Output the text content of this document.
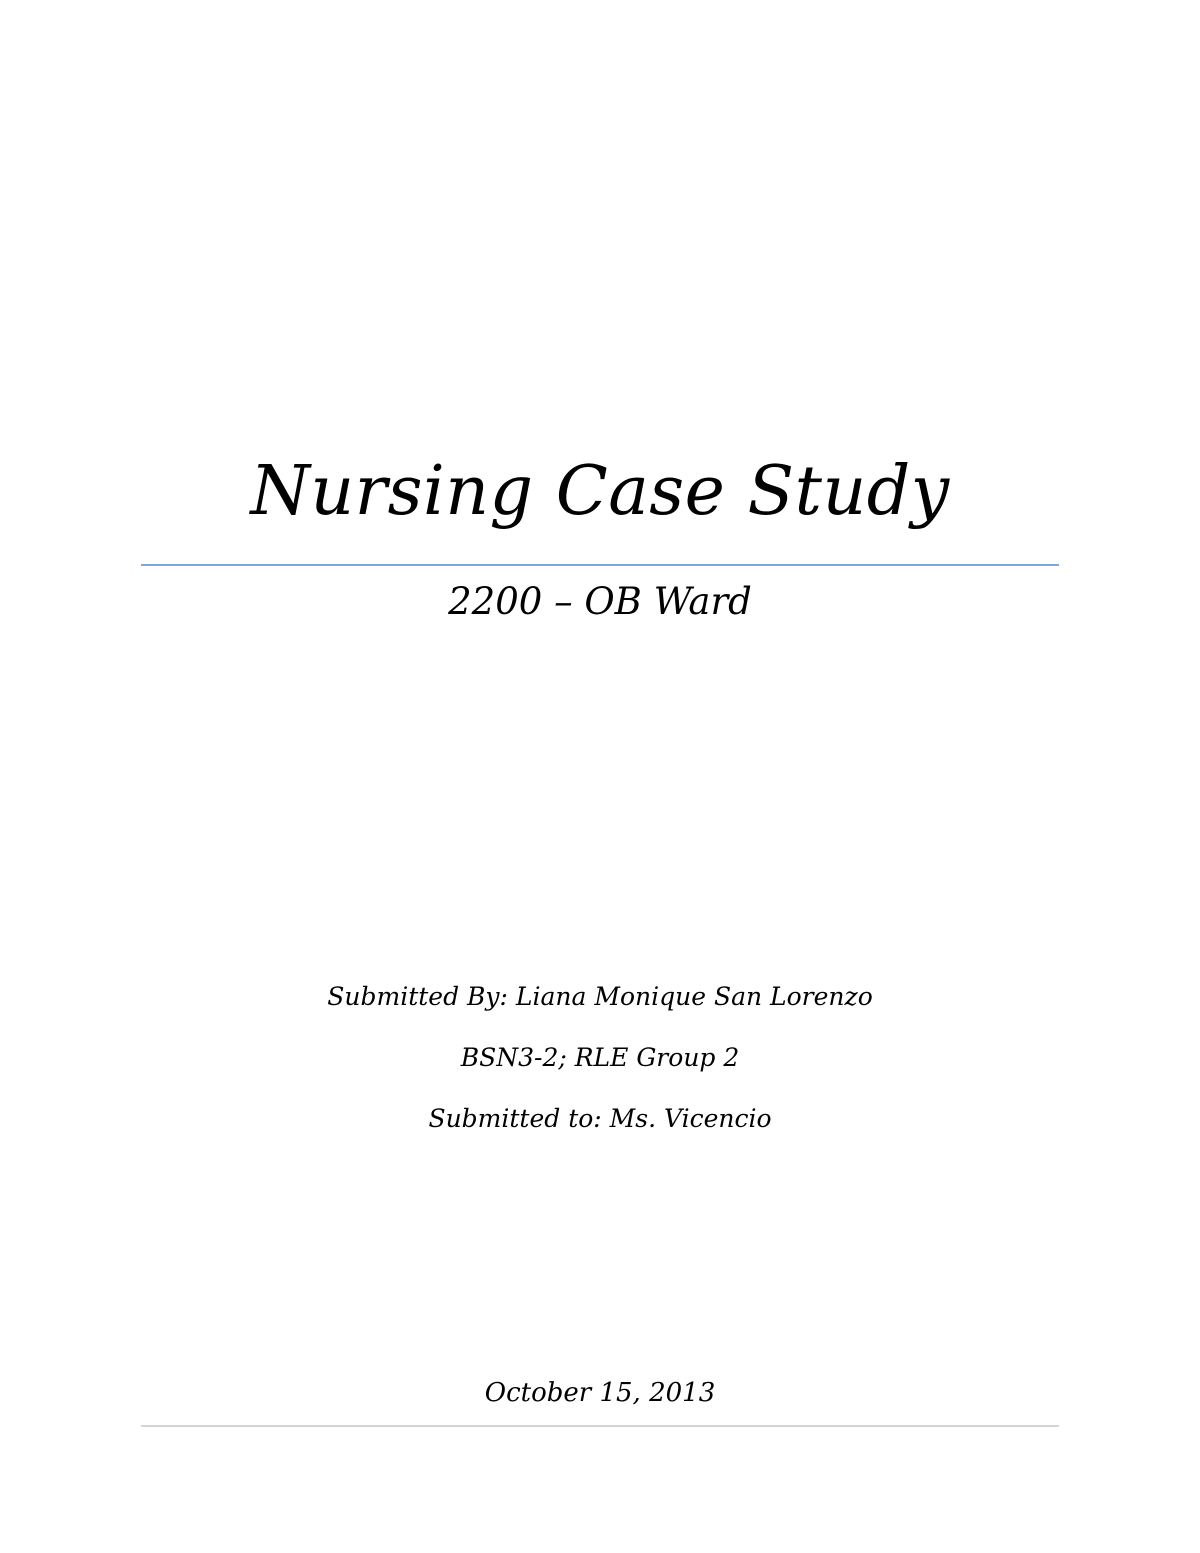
Nursing Case Study
2200 – OB Ward
Submitted By: Liana Monique San Lorenzo
BSN3-2; RLE Group 2
Submitted to: Ms. Vicencio
October 15, 2013
